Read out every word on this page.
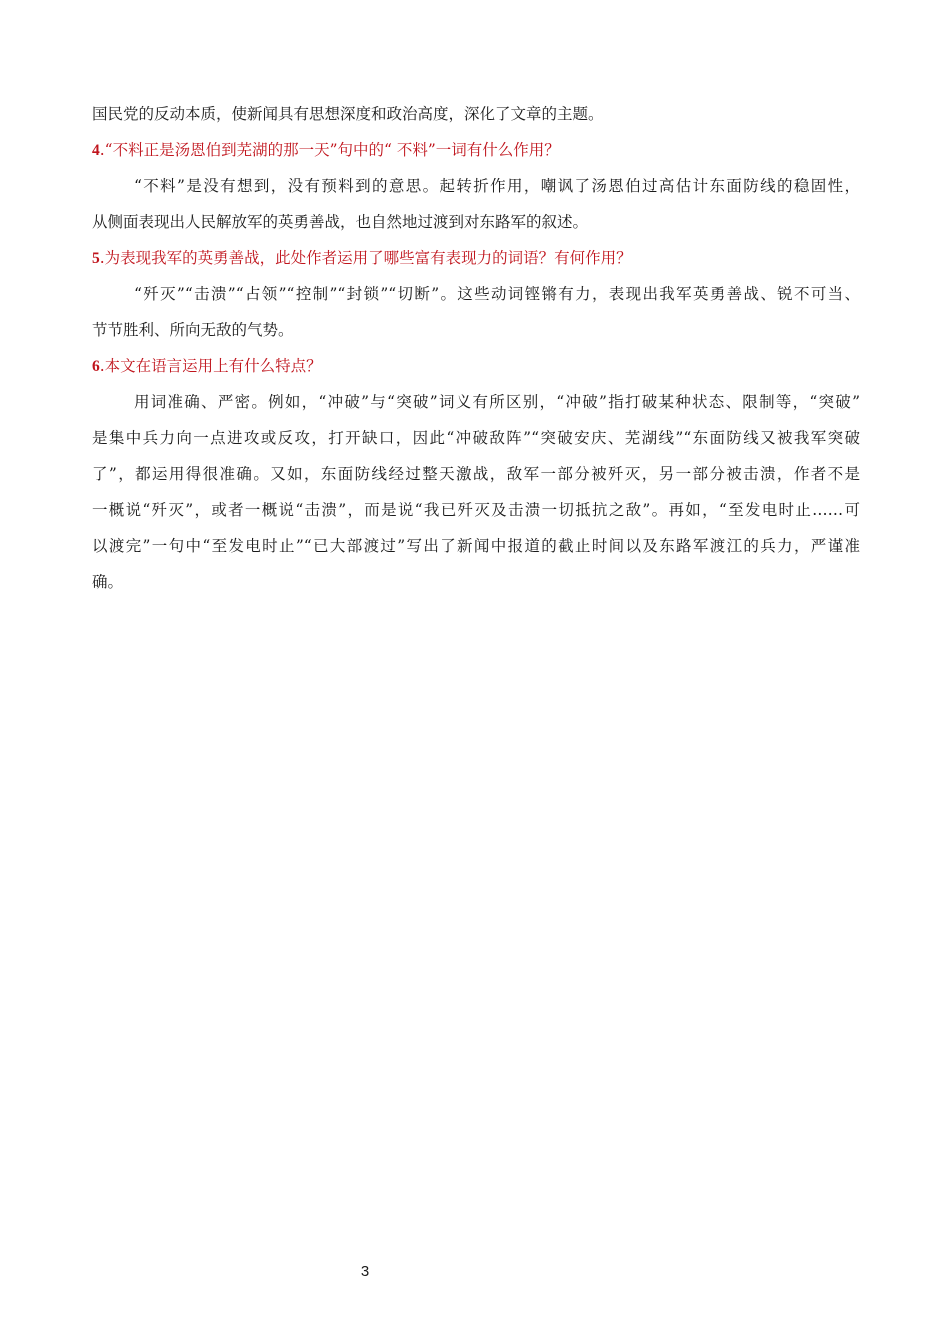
国民党的反动本质，使新闻具有思想深度和政治高度，深化了文章的主题。
4.“不料正是汤恩伯到芜湖的那一天”句中的“ 不料”一词有什么作用？
“不料”是没有想到，没有预料到的意思。起转折作用，嘲讽了汤恩伯过高估计东面防线的稳固性，
从侧面表现出人民解放军的英勇善战，也自然地过渡到对东路军的叙述。
5.为表现我军的英勇善战，此处作者运用了哪些富有表现力的词语？有何作用？
“歼灭”“击溃”“占领”“控制”“封锁”“切断”。这些动词铿锵有力，表现出我军英勇善战、锐不可当、
节节胜利、所向无敌的气势。
6.本文在语言运用上有什么特点？
用词准确、严密。例如，“冲破”与“突破”词义有所区别，“冲破”指打破某种状态、限制等，“突破”
是集中兵力向一点进攻或反攻，打开缺口，因此“冲破敌阵”“突破安庆、芜湖线”“东面防线又被我军突破
了”，都运用得很准确。又如，东面防线经过整天激战，敌军一部分被歼灭，另一部分被击溃，作者不是
一概说“歼灭”，或者一概说“击溃”，而是说“我已歼灭及击溃一切抵抗之敌”。再如，“至发电时止……可
以渡完”一句中“至发电时止”“已大部渡过”写出了新闻中报道的截止时间以及东路军渡江的兵力，严谨准
确。
3
